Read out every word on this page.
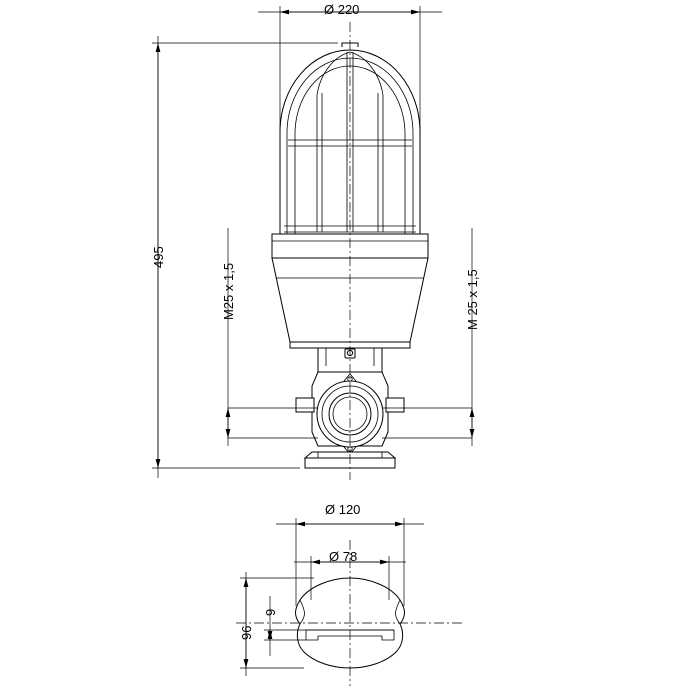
Ø 220
495
M25 x 1,5	M 25 x 1,5
Ø 120
Ø 78
96
9
